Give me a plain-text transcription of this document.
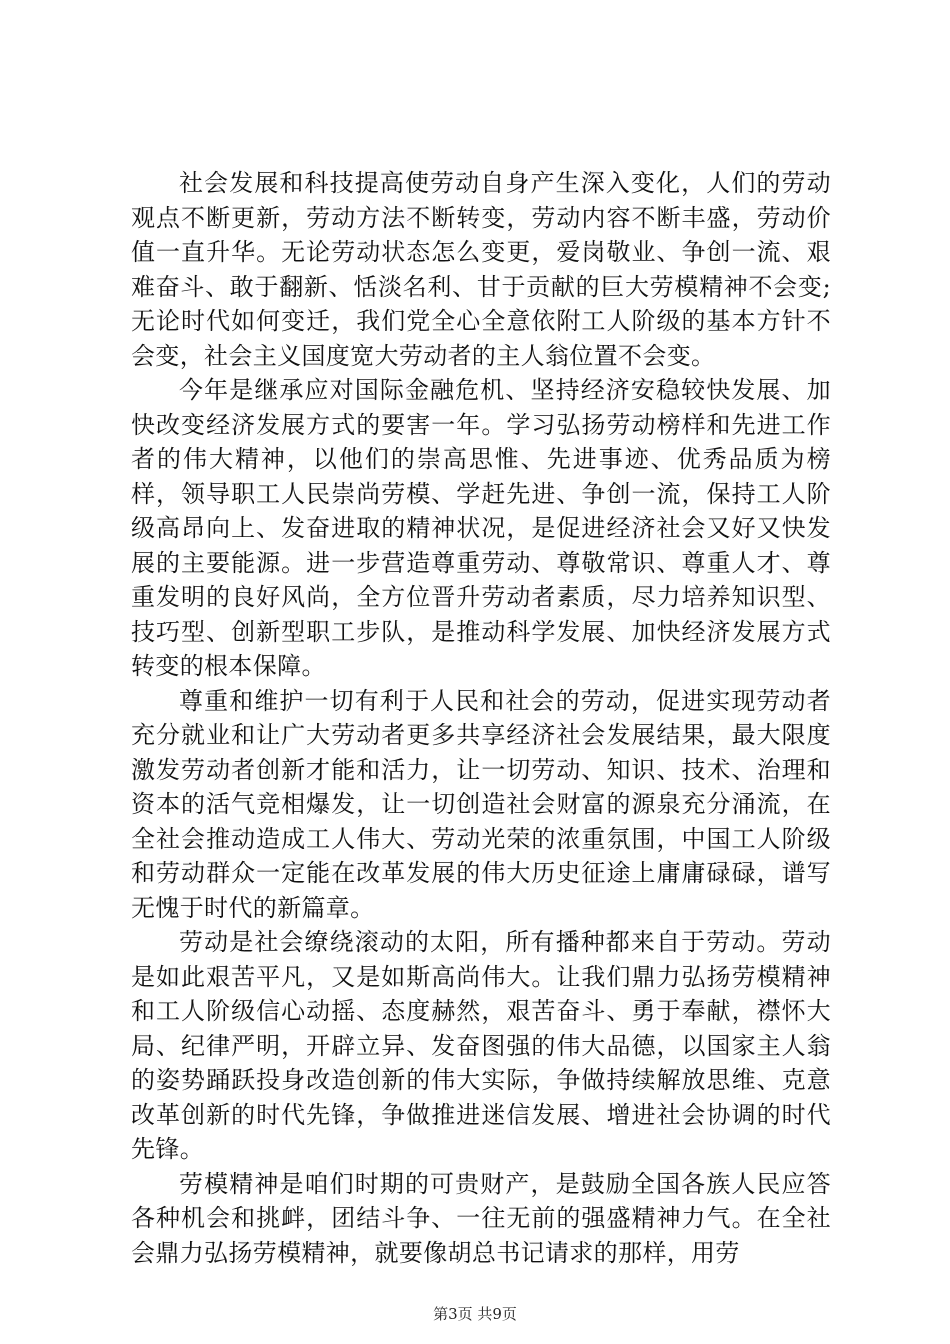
社会发展和科技提高使劳动自身产生深入变化，人们的劳动观点不断更新，劳动方法不断转变，劳动内容不断丰盛，劳动价值一直升华。无论劳动状态怎么变更，爱岗敬业、争创一流、艰难奋斗、敢于翻新、恬淡名利、甘于贡献的巨大劳模精神不会变;无论时代如何变迁，我们党全心全意依附工人阶级的基本方针不会变，社会主义国度宽大劳动者的主人翁位置不会变。

今年是继承应对国际金融危机、坚持经济安稳较快发展、加快改变经济发展方式的要害一年。学习弘扬劳动榜样和先进工作者的伟大精神，以他们的崇高思惟、先进事迹、优秀品质为榜样，领导职工人民崇尚劳模、学赶先进、争创一流，保持工人阶级高昂向上、发奋进取的精神状况，是促进经济社会又好又快发展的主要能源。进一步营造尊重劳动、尊敬常识、尊重人才、尊重发明的良好风尚，全方位晋升劳动者素质，尽力培养知识型、技巧型、创新型职工步队，是推动科学发展、加快经济发展方式转变的根本保障。

尊重和维护一切有利于人民和社会的劳动，促进实现劳动者充分就业和让广大劳动者更多共享经济社会发展结果，最大限度激发劳动者创新才能和活力，让一切劳动、知识、技术、治理和资本的活气竞相爆发，让一切创造社会财富的源泉充分涌流，在全社会推动造成工人伟大、劳动光荣的浓重氛围，中国工人阶级和劳动群众一定能在改革发展的伟大历史征途上庸庸碌碌，谱写无愧于时代的新篇章。

劳动是社会缭绕滚动的太阳，所有播种都来自于劳动。劳动是如此艰苦平凡，又是如斯高尚伟大。让我们鼎力弘扬劳模精神和工人阶级信心动摇、态度赫然，艰苦奋斗、勇于奉献，襟怀大局、纪律严明，开辟立异、发奋图强的伟大品德，以国家主人翁的姿势踊跃投身改造创新的伟大实际，争做持续解放思维、克意改革创新的时代先锋，争做推进迷信发展、增进社会协调的时代先锋。

劳模精神是咱们时期的可贵财产，是鼓励全国各族人民应答各种机会和挑衅，团结斗争、一往无前的强盛精神力气。在全社会鼎力弘扬劳模精神，就要像胡总书记请求的那样，用劳

第3页 共9页
